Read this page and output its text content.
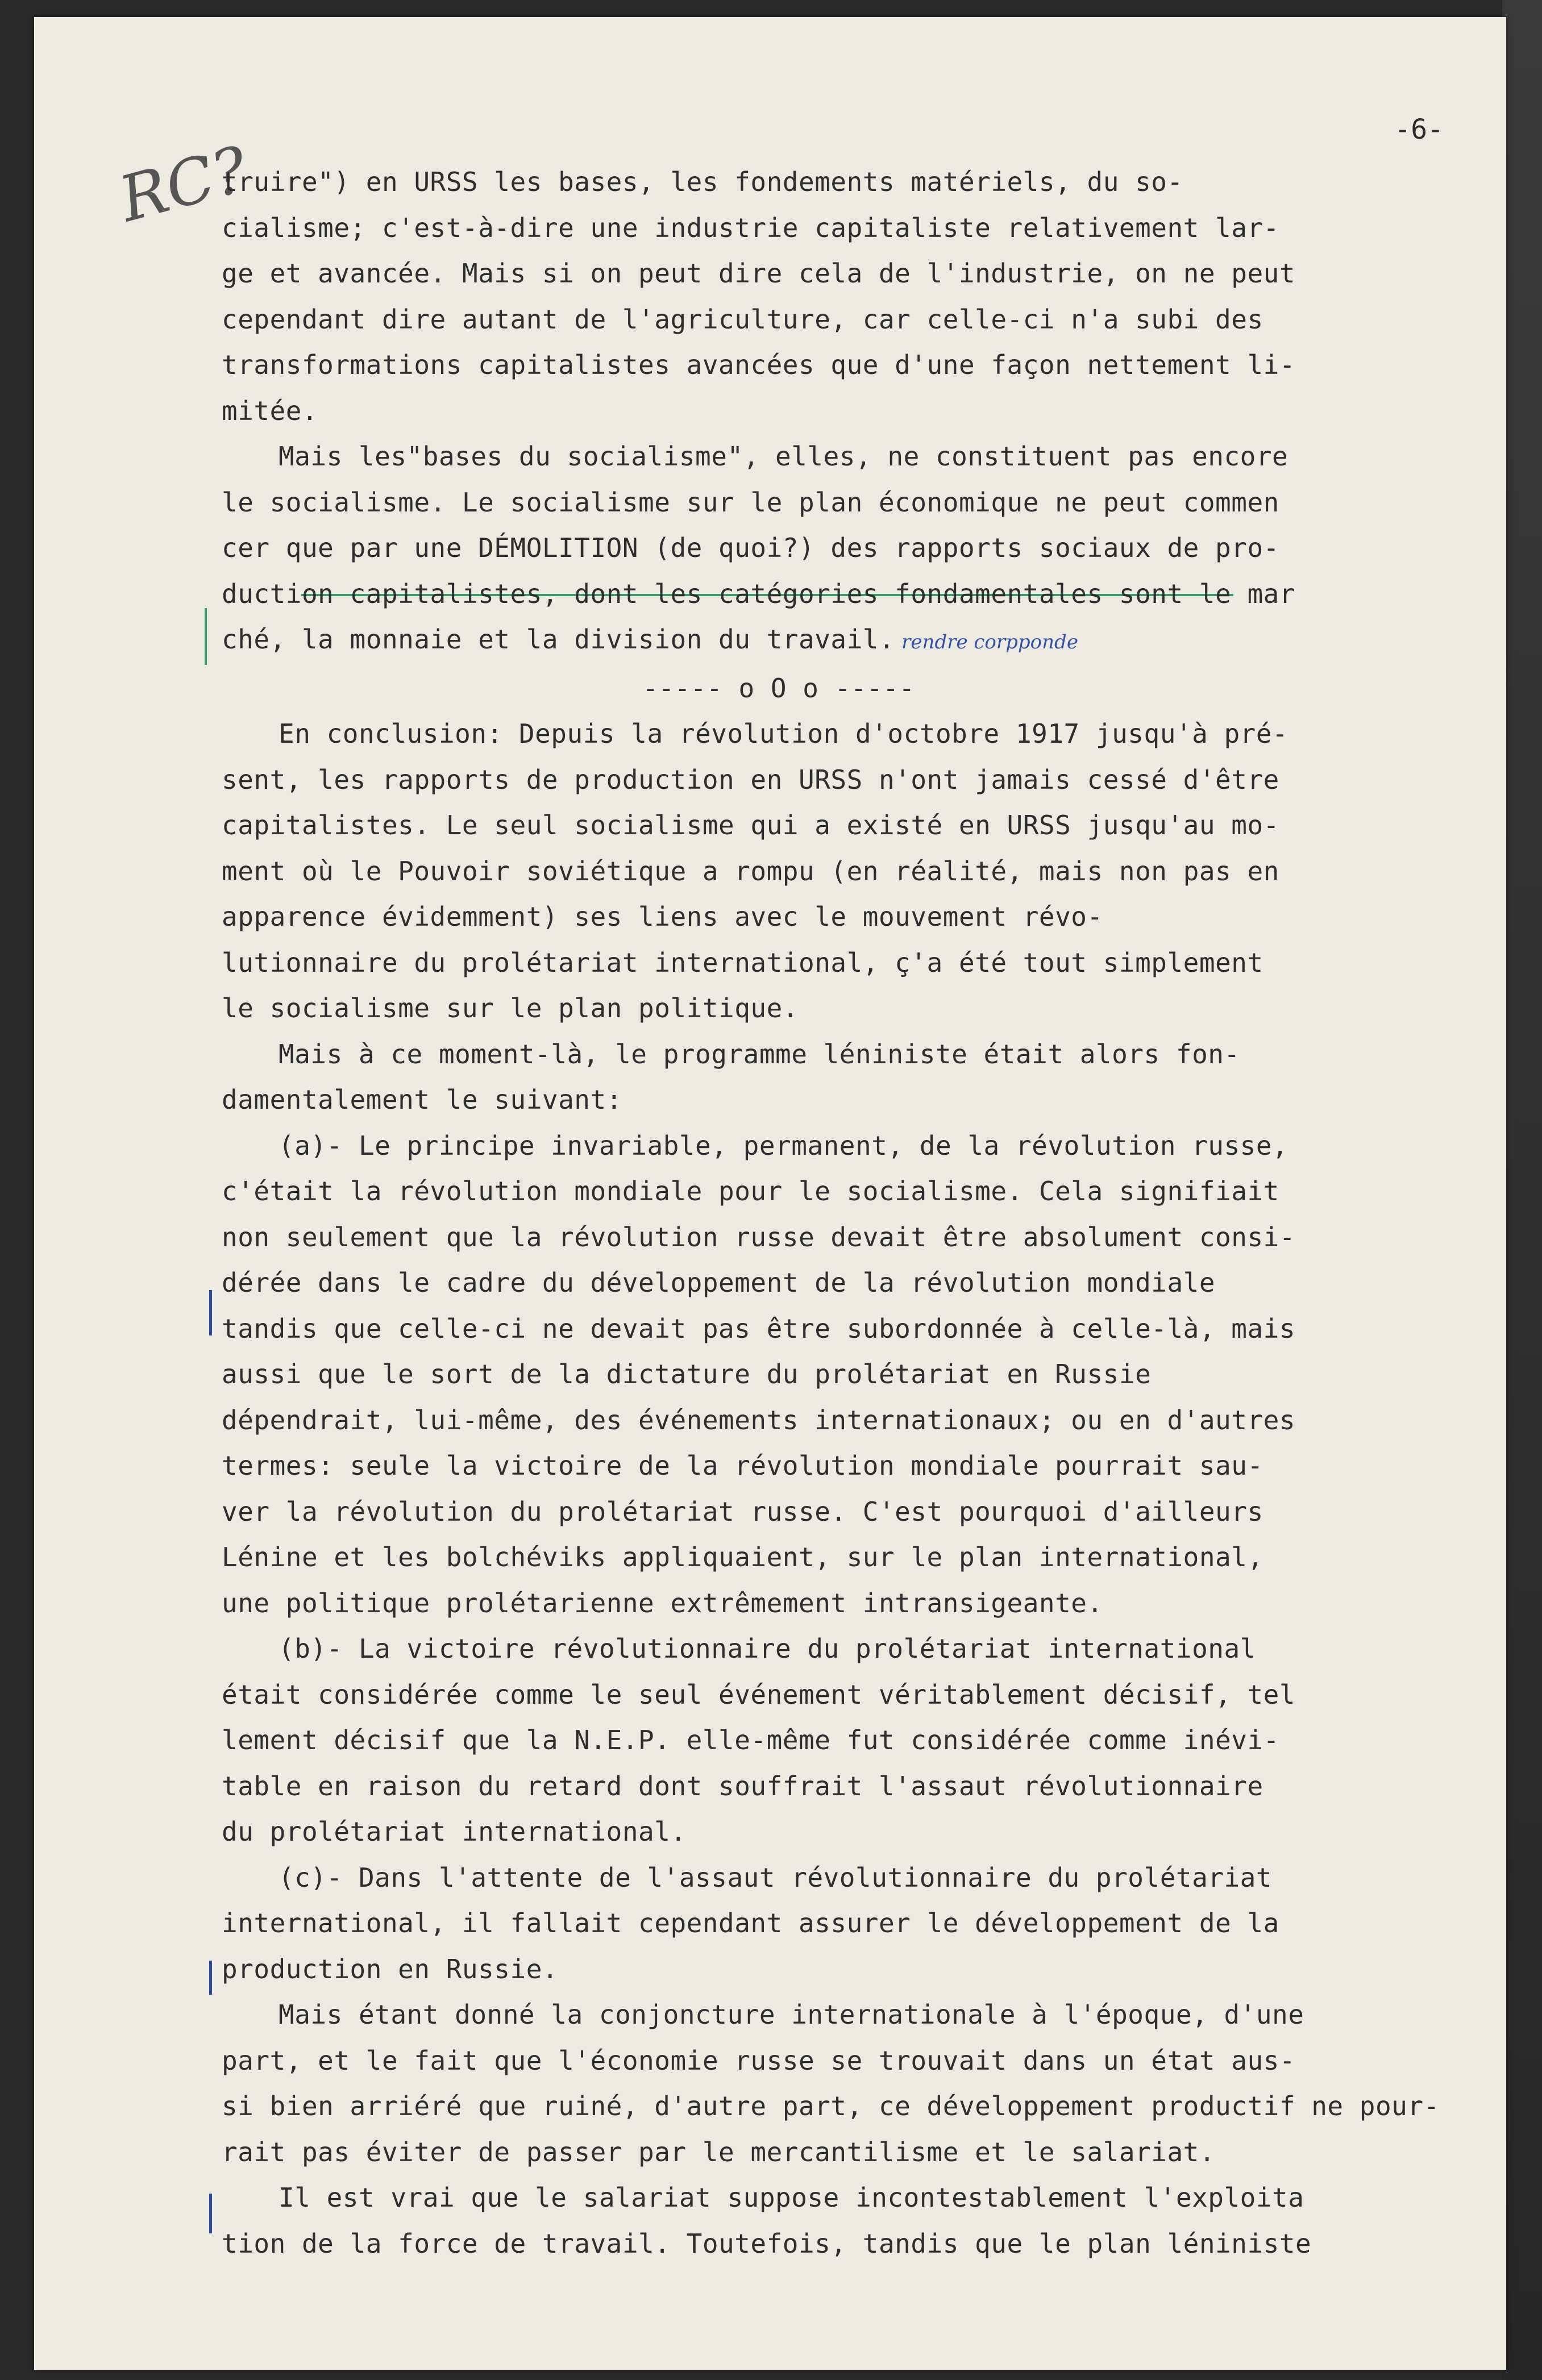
-6-

RC?

truire") en URSS les bases, les fondements matériels, du so-

cialisme; c'est-à-dire une industrie capitaliste relativement lar-

ge et avancée. Mais si on peut dire cela de l'industrie, on ne peut

cependant dire autant de l'agriculture, car celle-ci n'a subi des

transformations capitalistes avancées que d'une façon nettement li-

mitée.

Mais les"bases du socialisme", elles, ne constituent pas encore

le socialisme. Le socialisme sur le plan économique ne peut commen

cer que par une DÉMOLITION (de quoi?) des rapports sociaux de pro-

duction capitalistes, dont les catégories fondamentales sont le mar

ché, la monnaie et la division du travail. rendre corpponde

----- o O o -----

En conclusion: Depuis la révolution d'octobre 1917 jusqu'à pré-

sent, les rapports de production en URSS n'ont jamais cessé d'être

capitalistes. Le seul socialisme qui a existé en URSS jusqu'au mo-

ment où le Pouvoir soviétique a rompu (en réalité, mais non pas en

apparence évidemment) ses liens avec le mouvement révo-

lutionnaire du prolétariat international, ç'a été tout simplement

le socialisme sur le plan politique.

Mais à ce moment-là, le programme léniniste était alors fon-

damentalement le suivant:

(a)- Le principe invariable, permanent, de la révolution russe,

c'était la révolution mondiale pour le socialisme. Cela signifiait

non seulement que la révolution russe devait être absolument consi-

dérée dans le cadre du développement de la révolution mondiale

tandis que celle-ci ne devait pas être subordonnée à celle-là, mais

aussi que le sort de la dictature du prolétariat en Russie

dépendrait, lui-même, des événements internationaux; ou en d'autres

termes: seule la victoire de la révolution mondiale pourrait sau-

ver la révolution du prolétariat russe. C'est pourquoi d'ailleurs

Lénine et les bolchéviks appliquaient, sur le plan international,

une politique prolétarienne extrêmement intransigeante.

(b)- La victoire révolutionnaire du prolétariat international

était considérée comme le seul événement véritablement décisif, tel

lement décisif que la N.E.P. elle-même fut considérée comme inévi-

table en raison du retard dont souffrait l'assaut révolutionnaire

du prolétariat international.

(c)- Dans l'attente de l'assaut révolutionnaire du prolétariat

international, il fallait cependant assurer le développement de la

production en Russie.

Mais étant donné la conjoncture internationale à l'époque, d'une

part, et le fait que l'économie russe se trouvait dans un état aus-

si bien arriéré que ruiné, d'autre part, ce développement productif ne pour-

rait pas éviter de passer par le mercantilisme et le salariat.

Il est vrai que le salariat suppose incontestablement l'exploita

tion de la force de travail. Toutefois, tandis que le plan léniniste
